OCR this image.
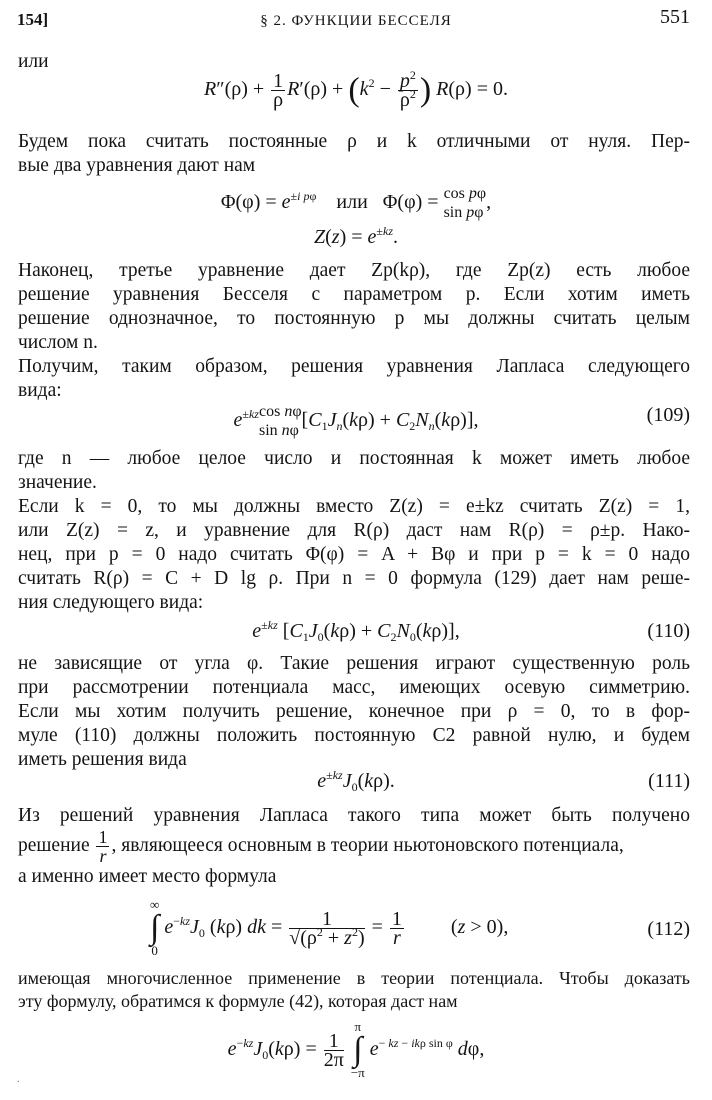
154]	§ 2. ФУНКЦИИ БЕССЕЛЯ	551
или
$R''(\rho) + \frac{1}{\rho} R'(\rho) + (k^2 - \frac{p^2}{\rho^2}$ ) R(ρ) = 0.
Будем пока считать постоянные ρ и k отличными от нуля. Пер-
вые два уравнения дают нам
$\Phi(\varphi) = e^{\pm i p\varphi}$    или   Φ(φ) = cos pφ
sin pφ ,
$Z(z) = e^{\pm kz}$.
Наконец, третье уравнение дает Zp(kρ), где Zp(z) есть любое
решение уравнения Бесселя с параметром p. Если хотим иметь
решение однозначное, то постоянную p мы должны считать целым
числом n.
Получим, таким образом, решения уравнения Лапласа следующего
вида:
$e^{\pm kz}$ cos nφ
sin nφ $[C_1J_n(k\rho) + C_2N_n(k\rho)]$,	(109)
где n — любое целое число и постоянная k может иметь любое
значение.
Если k = 0, то мы должны вместо Z(z) = e±kz считать Z(z) = 1,
или Z(z) = z, и уравнение для R(ρ) даст нам R(ρ) = ρ±p. Нако-
нец, при p = 0 надо считать Φ(φ) = A + Bφ и при p = k = 0 надо
считать R(ρ) = C + D lg ρ. При n = 0 формула (129) дает нам реше-
ния следующего вида:
$e^{\pm kz}$ $[C_1J_0(k\rho) + C_2N_0(k\rho)]$,	(110)
не зависящие от угла φ. Такие решения играют существенную роль
при рассмотрении потенциала масс, имеющих осевую симметрию.
Если мы хотим получить решение, конечное при ρ = 0, то в фор-
муле (110) должны положить постоянную C2 равной нулю, и будем
иметь решения вида
$e^{\pm kz}J_0(k\rho)$.	(111)
Из решений уравнения Лапласа такого типа может быть получено
решение $\frac{1}{r}$ , являющееся основным в теории ньютоновского потенциала,
а именно имеет место формула
∞
∫
0 $e^{-kz}J_0$ (kρ) dk = $\frac{1}{√(\rho^2 + z^2)} = \frac{1}{r} (z > 0)$,	(112)
имеющая многочисленное применение в теории потенциала. Чтобы доказать
эту формулу, обратимся к формуле (42), которая даст нам
$e^{-kz}J_0(k\rho) = \frac{1}{2\pi}$
π
∫
−π $e^{- kz - ik\rho sin \varphi}$ dφ,
.
